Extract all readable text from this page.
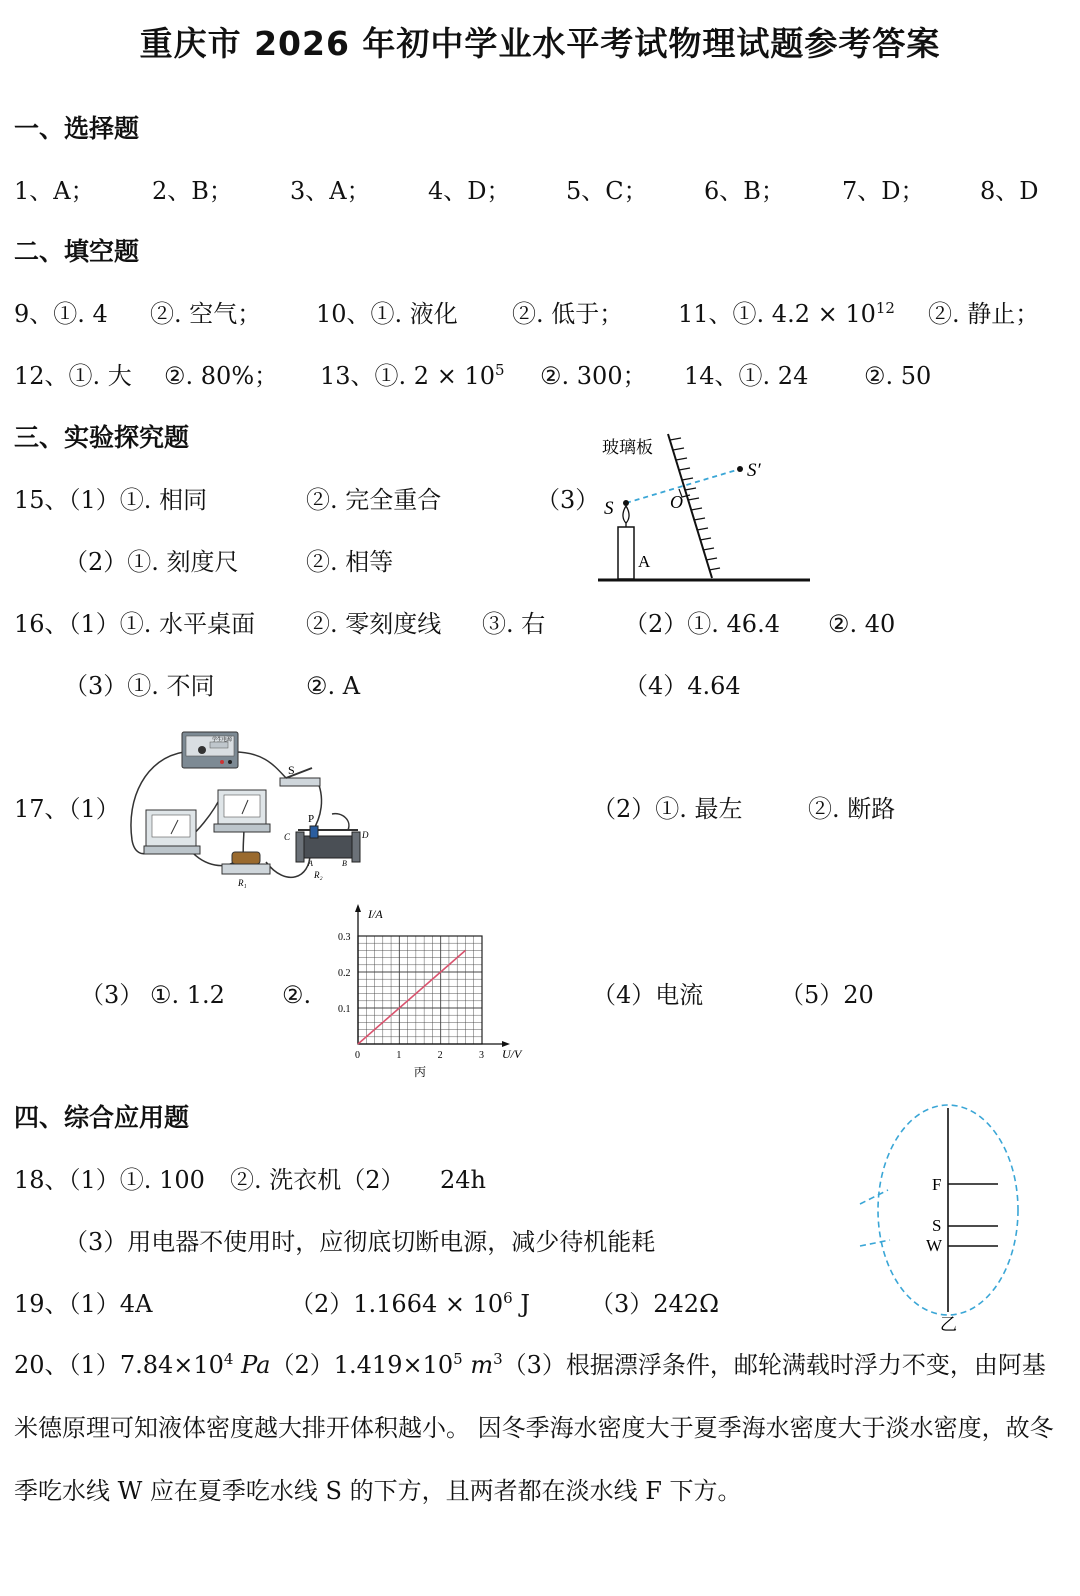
重庆市 2026 年初中学业水平考试物理试题参考答案
一、选择题
1、A； 2、B； 3、A； 4、D； 5、C； 6、B； 7、D； 8、D
二、填空题
9、①. 4 ②. 空气； 10、①. 液化 ②. 低于； 11、①. $4.2 \times 10^{12}$ ②. 静止；
12、①. 大 ②. 80%； 13、①. $2 \times 10^5$ ②. 300； 14、①. 24 ②. 50
三、实验探究题
15、（1）①. 相同	②. 完全重合	（3）
（2）①. 刻度尺	②. 相等
玻璃板
S
S′
O
A
16、（1）①. 水平桌面 ②. 零刻度线 ③. 右	（2）①. 46.4 ②. 40
（3）①. 不同	②. A	（4）4.64
17、（1）
学生电源
S
R₁
P
C	D
A	B
R₂
（2）①. 最左	②. 断路
（3） ①. 1.2 ②.
I/A
U/V
0	1	2	3
0.1
0.2
0.3
丙
（4）电流	（5）20
四、综合应用题
18、（1）①. 100 ②. 洗衣机（2） 24h
（3）用电器不使用时，应彻底切断电源，减少待机能耗
F
S
W
乙
19、（1）4A	$(2)1.1664 \times 10^6$ J	（3）242Ω
20、$(1)7.84\times 10^4$ $Pa(2)1.419\times 10^5$ $m^3(3)$根据漂浮条件，邮轮满载时浮力不变，由阿基米德原理可知液体密度越大排开体积越小。 因冬季海水密度大于夏季海水密度大于淡水密度，故冬季吃水线 W 应在夏季吃水线 S 的下方，且两者都在淡水线 F 下方。
